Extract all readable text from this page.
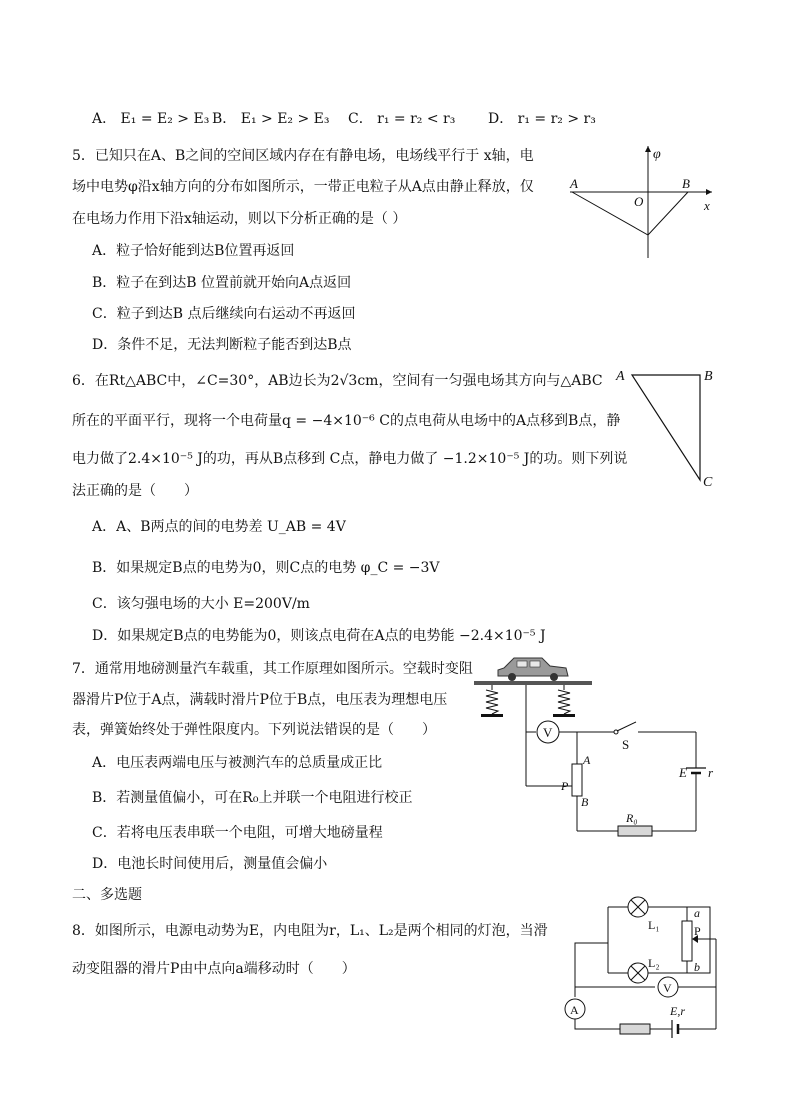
A． E₁ = E₂ > E₃ B． E₁ > E₂ > E₃ C． r₁ = r₂ < r₃ D． r₁ = r₂ > r₃
5．已知只在A、B之间的空间区域内存在有静电场，电场线平行于 x轴，电
场中电势φ沿x轴方向的分布如图所示，一带正电粒子从A点由静止释放，仅
在电场力作用下沿x轴运动，则以下分析正确的是（ ）
A．粒子恰好能到达B位置再返回
B．粒子在到达B 位置前就开始向A点返回
C．粒子到达B 点后继续向右运动不再返回
D．条件不足，无法判断粒子能否到达B点
φ
A	B
O	x
6．在Rt△ABC中，∠C=30°，AB边长为2√3cm，空间有一匀强电场其方向与△ABC
所在的平面平行，现将一个电荷量q = −4×10⁻⁶ C的点电荷从电场中的A点移到B点，静
电力做了2.4×10⁻⁵ J的功，再从B点移到 C点，静电力做了 −1.2×10⁻⁵ J的功。则下列说
法正确的是（　　）
A．A、B两点的间的电势差 U_AB = 4V
B．如果规定B点的电势为0，则C点的电势 φ_C = −3V
C．该匀强电场的大小 E=200V/m
D．如果规定B点的电势能为0，则该点电荷在A点的电势能 −2.4×10⁻⁵ J
A	B
C
7．通常用地磅测量汽车载重，其工作原理如图所示。空载时变阻
器滑片P位于A点，满载时滑片P位于B点，电压表为理想电压
表，弹簧始终处于弹性限度内。下列说法错误的是（　　）
A．电压表两端电压与被测汽车的总质量成正比
B．若测量值偏小，可在R₀上并联一个电阻进行校正
C．若将电压表串联一个电阻，可增大地磅量程
D．电池长时间使用后，测量值会偏小
V
S
E r
A
B
P
R₀
二、多选题
8．如图所示，电源电动势为E，内电阻为r，L₁、L₂是两个相同的灯泡，当滑
动变阻器的滑片P由中点向a端移动时（　　）
L₁
L₂
a
P
b
V
A	E,r
